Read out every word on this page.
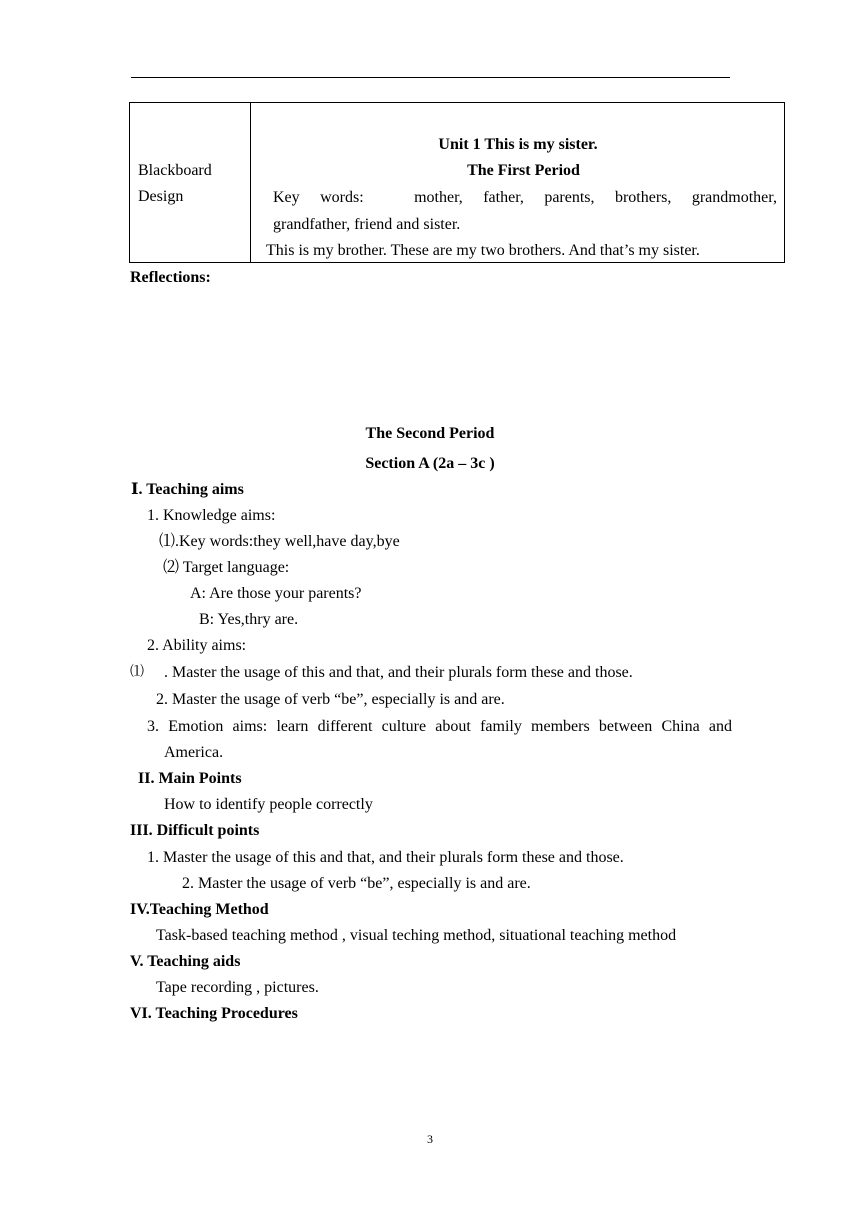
Blackboard
Design
Unit 1 This is my sister.
The First Period
Key words:	mother, father, parents, brothers, grandmother,
grandfather, friend and sister.
This is my brother. These are my two brothers. And that’s my sister.
Reflections:
The Second Period
Section A (2a – 3c )
Ⅰ. Teaching aims
1. Knowledge aims:
⑴.Key words:they well,have day,bye
⑵ Target language:
A: Are those your parents?
B: Yes,thry are.
2. Ability aims:
⑴ . Master the usage of this and that, and their plurals form these and those.
2. Master the usage of verb “be”, especially is and are.
3. Emotion aims: learn different culture about family members between China and
America.
II. Main Points
How to identify people correctly
III. Difficult points
1. Master the usage of this and that, and their plurals form these and those.
2. Master the usage of verb “be”, especially is and are.
IV.Teaching Method
Task-based teaching method , visual teching method, situational teaching method
V. Teaching aids
Tape recording , pictures.
VI. Teaching Procedures
3
